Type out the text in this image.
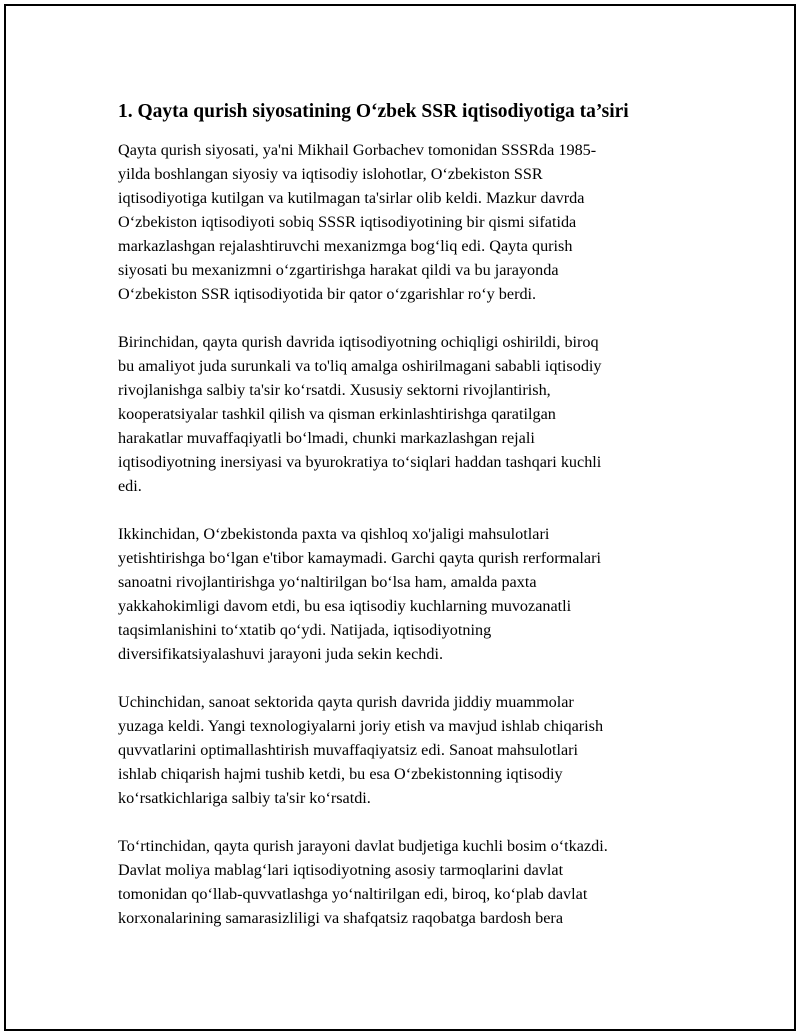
1. Qayta qurish siyosatining O‘zbek SSR iqtisodiyotiga ta’siri

Qayta qurish siyosati, ya'ni Mikhail Gorbachev tomonidan SSSRda 1985-
yilda boshlangan siyosiy va iqtisodiy islohotlar, O‘zbekiston SSR
iqtisodiyotiga kutilgan va kutilmagan ta'sirlar olib keldi. Mazkur davrda
O‘zbekiston iqtisodiyoti sobiq SSSR iqtisodiyotining bir qismi sifatida
markazlashgan rejalashtiruvchi mexanizmga bog‘liq edi. Qayta qurish
siyosati bu mexanizmni o‘zgartirishga harakat qildi va bu jarayonda
O‘zbekiston SSR iqtisodiyotida bir qator o‘zgarishlar ro‘y berdi.

Birinchidan, qayta qurish davrida iqtisodiyotning ochiqligi oshirildi, biroq
bu amaliyot juda surunkali va to'liq amalga oshirilmagani sababli iqtisodiy
rivojlanishga salbiy ta'sir ko‘rsatdi. Xususiy sektorni rivojlantirish,
kooperatsiyalar tashkil qilish va qisman erkinlashtirishga qaratilgan
harakatlar muvaffaqiyatli bo‘lmadi, chunki markazlashgan rejali
iqtisodiyotning inersiyasi va byurokratiya to‘siqlari haddan tashqari kuchli
edi.

Ikkinchidan, O‘zbekistonda paxta va qishloq xo'jaligi mahsulotlari
yetishtirishga bo‘lgan e'tibor kamaymadi. Garchi qayta qurish rerformalari
sanoatni rivojlantirishga yo‘naltirilgan bo‘lsa ham, amalda paxta
yakkahokimligi davom etdi, bu esa iqtisodiy kuchlarning muvozanatli
taqsimlanishini to‘xtatib qo‘ydi. Natijada, iqtisodiyotning
diversifikatsiyalashuvi jarayoni juda sekin kechdi.

Uchinchidan, sanoat sektorida qayta qurish davrida jiddiy muammolar
yuzaga keldi. Yangi texnologiyalarni joriy etish va mavjud ishlab chiqarish
quvvatlarini optimallashtirish muvaffaqiyatsiz edi. Sanoat mahsulotlari
ishlab chiqarish hajmi tushib ketdi, bu esa O‘zbekistonning iqtisodiy
ko‘rsatkichlariga salbiy ta'sir ko‘rsatdi.

To‘rtinchidan, qayta qurish jarayoni davlat budjetiga kuchli bosim o‘tkazdi.
Davlat moliya mablag‘lari iqtisodiyotning asosiy tarmoqlarini davlat
tomonidan qo‘llab-quvvatlashga yo‘naltirilgan edi, biroq, ko‘plab davlat
korxonalarining samarasizliligi va shafqatsiz raqobatga bardosh bera
